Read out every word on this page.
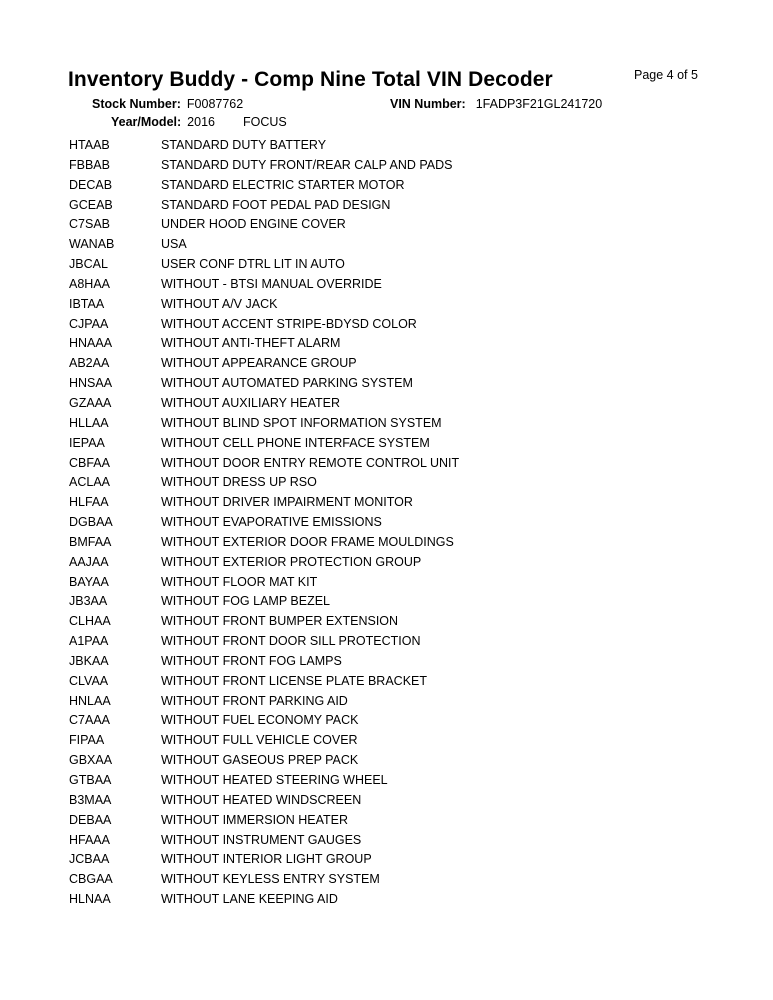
Inventory Buddy - Comp Nine Total VIN Decoder	Page 4 of 5
Stock Number: F0087762	VIN Number: 1FADP3F21GL241720
Year/Model: 2016 FOCUS
HTAAB	STANDARD DUTY BATTERY
FBBAB	STANDARD DUTY FRONT/REAR CALP AND PADS
DECAB	STANDARD ELECTRIC STARTER MOTOR
GCEAB	STANDARD FOOT PEDAL PAD DESIGN
C7SAB	UNDER HOOD ENGINE COVER
WANAB	USA
JBCAL	USER CONF DTRL LIT IN AUTO
A8HAA	WITHOUT - BTSI MANUAL OVERRIDE
IBTAA	WITHOUT A/V JACK
CJPAA	WITHOUT ACCENT STRIPE-BDYSD COLOR
HNAAA	WITHOUT ANTI-THEFT ALARM
AB2AA	WITHOUT APPEARANCE GROUP
HNSAA	WITHOUT AUTOMATED PARKING SYSTEM
GZAAA	WITHOUT AUXILIARY HEATER
HLLAA	WITHOUT BLIND SPOT INFORMATION SYSTEM
IEPAA	WITHOUT CELL PHONE INTERFACE SYSTEM
CBFAA	WITHOUT DOOR ENTRY REMOTE CONTROL UNIT
ACLAA	WITHOUT DRESS UP RSO
HLFAA	WITHOUT DRIVER IMPAIRMENT MONITOR
DGBAA	WITHOUT EVAPORATIVE EMISSIONS
BMFAA	WITHOUT EXTERIOR DOOR FRAME MOULDINGS
AAJAA	WITHOUT EXTERIOR PROTECTION GROUP
BAYAA	WITHOUT FLOOR MAT KIT
JB3AA	WITHOUT FOG LAMP BEZEL
CLHAA	WITHOUT FRONT BUMPER EXTENSION
A1PAA	WITHOUT FRONT DOOR SILL PROTECTION
JBKAA	WITHOUT FRONT FOG LAMPS
CLVAA	WITHOUT FRONT LICENSE PLATE BRACKET
HNLAA	WITHOUT FRONT PARKING AID
C7AAA	WITHOUT FUEL ECONOMY PACK
FIPAA	WITHOUT FULL VEHICLE COVER
GBXAA	WITHOUT GASEOUS PREP PACK
GTBAA	WITHOUT HEATED STEERING WHEEL
B3MAA	WITHOUT HEATED WINDSCREEN
DEBAA	WITHOUT IMMERSION HEATER
HFAAA	WITHOUT INSTRUMENT GAUGES
JCBAA	WITHOUT INTERIOR LIGHT GROUP
CBGAA	WITHOUT KEYLESS ENTRY SYSTEM
HLNAA	WITHOUT LANE KEEPING AID
